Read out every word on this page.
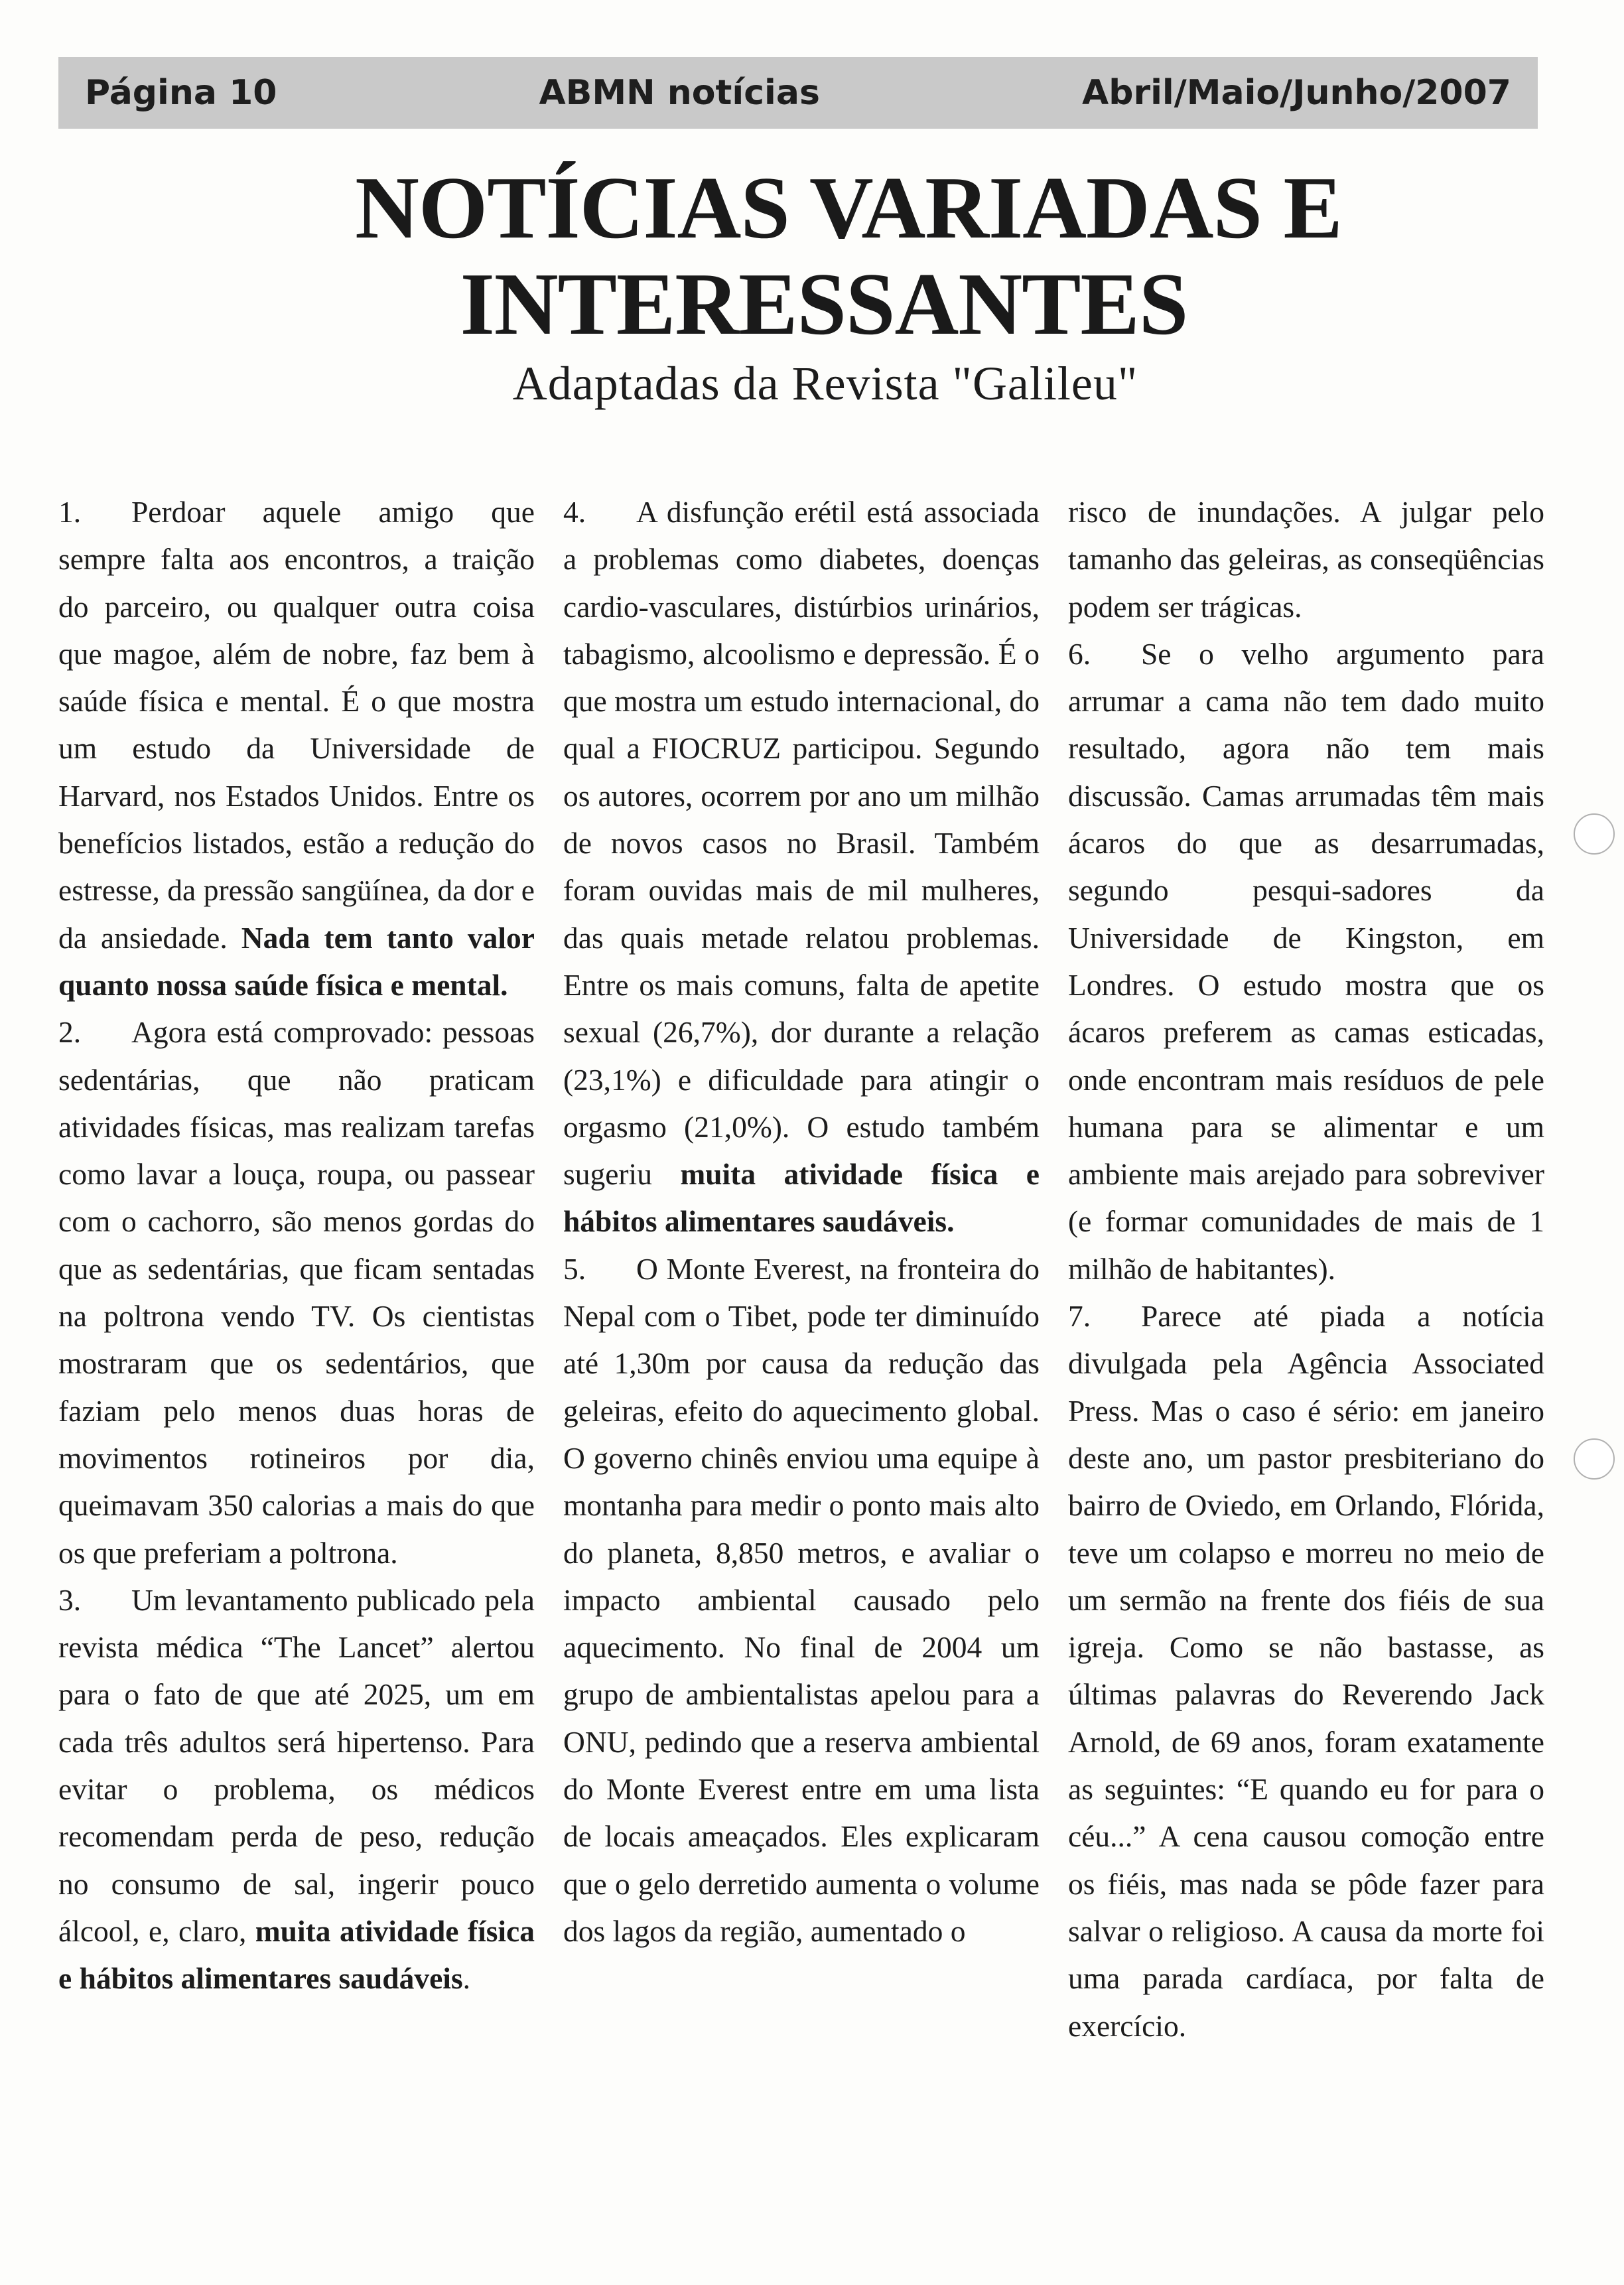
Página 10	ABMN notícias	Abril/Maio/Junho/2007
NOTÍCIAS VARIADAS E
INTERESSANTES

Adaptadas da Revista "Galileu"

1. Perdoar aquele amigo que sempre falta aos encontros, a traição do parceiro, ou qualquer outra coisa que magoe, além de nobre, faz bem à saúde física e mental. É o que mostra um estudo da Universidade de Harvard, nos Estados Unidos. Entre os benefícios listados, estão a redução do estresse, da pressão sangüínea, da dor e da ansiedade. Nada tem tanto valor quanto nossa saúde física e mental.

2. Agora está comprovado: pessoas sedentárias, que não praticam atividades físicas, mas realizam tarefas como lavar a louça, roupa, ou passear com o cachorro, são menos gordas do que as sedentárias, que ficam sentadas na poltrona vendo TV. Os cientistas mostraram que os sedentários, que faziam pelo menos duas horas de movimentos rotineiros por dia, queimavam 350 calorias a mais do que os que preferiam a poltrona.

3. Um levantamento publicado pela revista médica “The Lancet” alertou para o fato de que até 2025, um em cada três adultos será hipertenso. Para evitar o problema, os médicos recomendam perda de peso, redução no consumo de sal, ingerir pouco álcool, e, claro, muita atividade física e hábitos alimentares saudáveis.

4. A disfunção erétil está associada a problemas como diabetes, doenças cardio-vasculares, distúrbios urinários, tabagismo, alcoolismo e depressão. É o que mostra um estudo internacional, do qual a FIOCRUZ participou. Segundo os autores, ocorrem por ano um milhão de novos casos no Brasil. Também foram ouvidas mais de mil mulheres, das quais metade relatou problemas. Entre os mais comuns, falta de apetite sexual (26,7%), dor durante a relação (23,1%) e dificuldade para atingir o orgasmo (21,0%). O estudo também sugeriu muita atividade física e hábitos alimentares saudáveis.

5. O Monte Everest, na fronteira do Nepal com o Tibet, pode ter diminuído até 1,30m por causa da redução das geleiras, efeito do aquecimento global. O governo chinês enviou uma equipe à montanha para medir o ponto mais alto do planeta, 8,850 metros, e avaliar o impacto ambiental causado pelo aquecimento. No final de 2004 um grupo de ambientalistas apelou para a ONU, pedindo que a reserva ambiental do Monte Everest entre em uma lista de locais ameaçados. Eles explicaram que o gelo derretido aumenta o volume dos lagos da região, aumentado o

risco de inundações. A julgar pelo tamanho das geleiras, as conseqüências podem ser trágicas.

6. Se o velho argumento para arrumar a cama não tem dado muito resultado, agora não tem mais discussão. Camas arrumadas têm mais ácaros do que as desarrumadas, segundo pesqui-sadores da Universidade de Kingston, em Londres. O estudo mostra que os ácaros preferem as camas esticadas, onde encontram mais resíduos de pele humana para se alimentar e um ambiente mais arejado para sobreviver (e formar comunidades de mais de 1 milhão de habitantes).

7. Parece até piada a notícia divulgada pela Agência Associated Press. Mas o caso é sério: em janeiro deste ano, um pastor presbiteriano do bairro de Oviedo, em Orlando, Flórida, teve um colapso e morreu no meio de um sermão na frente dos fiéis de sua igreja. Como se não bastasse, as últimas palavras do Reverendo Jack Arnold, de 69 anos, foram exatamente as seguintes: “E quando eu for para o céu...” A cena causou comoção entre os fiéis, mas nada se pôde fazer para salvar o religioso. A causa da morte foi uma parada cardíaca, por falta de exercício.
